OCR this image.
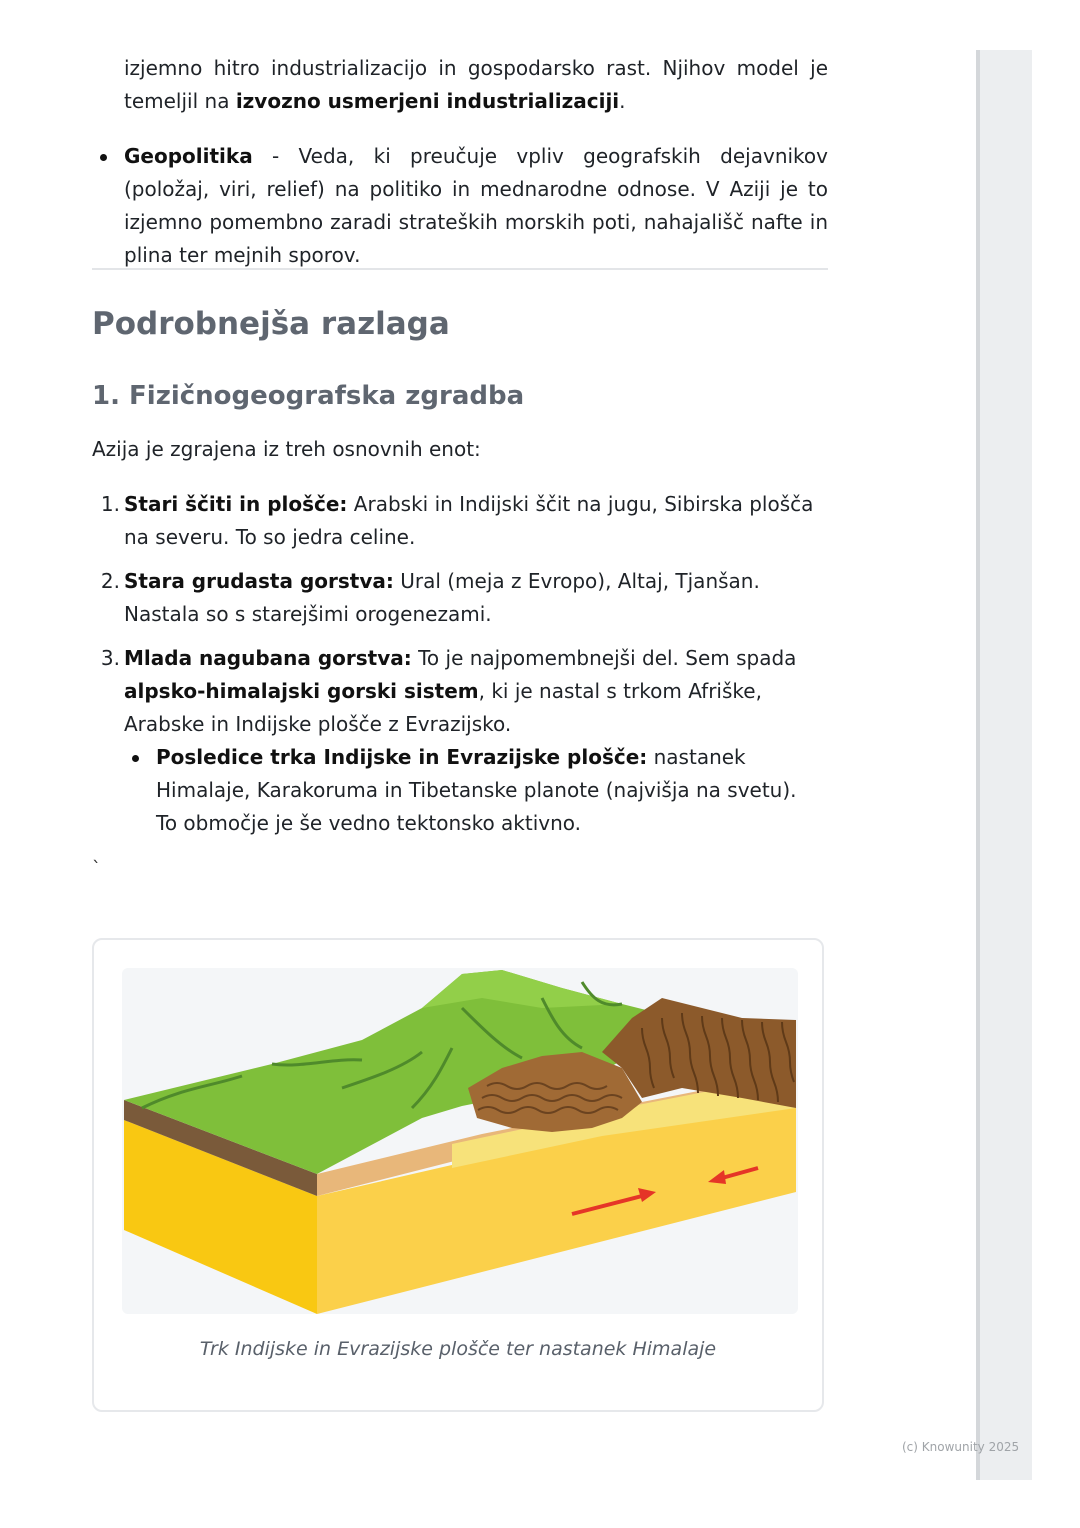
izjemno hitro industrializacijo in gospodarsko rast. Njihov model je temeljil na izvozno usmerjeni industrializaciji.

Geopolitika - Veda, ki preučuje vpliv geografskih dejavnikov (položaj, viri, relief) na politiko in mednarodne odnose. V Aziji je to izjemno pomembno zaradi strateških morskih poti, nahajališč nafte in plina ter mejnih sporov.

Podrobnejša razlaga
1. Fizičnogeografska zgradba

Azija je zgrajena iz treh osnovnih enot:

1. Stari ščiti in plošče: Arabski in Indijski ščit na jugu, Sibirska plošča na severu. To so jedra celine.

2. Stara grudasta gorstva: Ural (meja z Evropo), Altaj, Tjanšan. Nastala so s starejšimi orogenezami.

3. Mlada nagubana gorstva: To je najpomembnejši del. Sem spada alpsko-himalajski gorski sistem, ki je nastal s trkom Afriške, Arabske in Indijske plošče z Evrazijsko.

Posledice trka Indijske in Evrazijske plošče: nastanek Himalaje, Karakoruma in Tibetanske planote (najvišja na svetu). To območje je še vedno tektonsko aktivno.

`
Trk Indijske in Evrazijske plošče ter nastanek Himalaje
(c) Knowunity 2025
